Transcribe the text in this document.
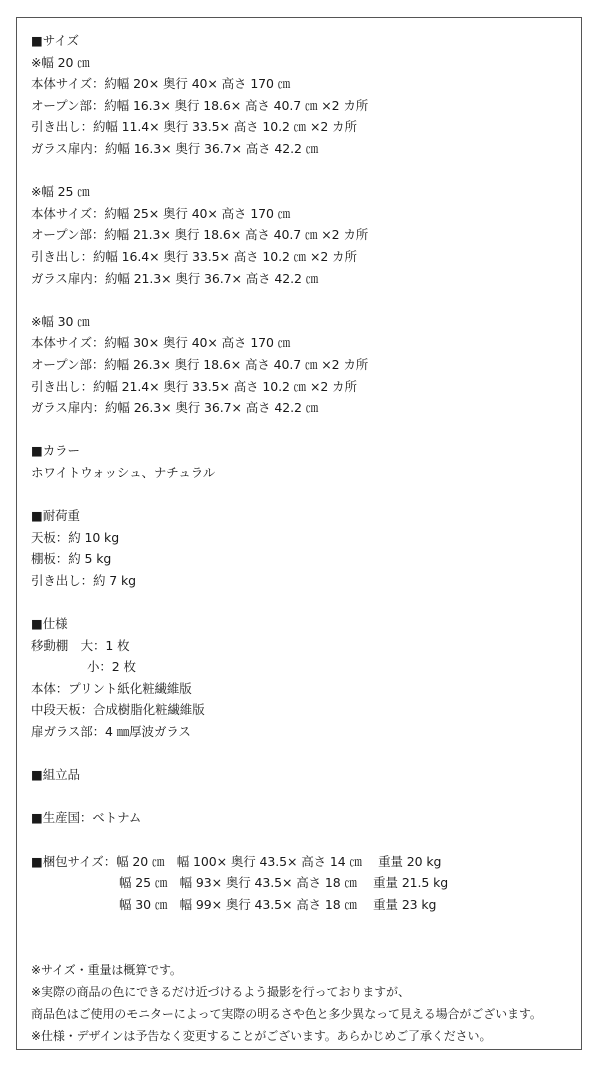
■サイズ
※幅 20 ㎝
本体サイズ：約幅 20× 奥行 40× 高さ 170 ㎝
オープン部：約幅 16.3× 奥行 18.6× 高さ 40.7 ㎝ ×2 カ所
引き出し：約幅 11.4× 奥行 33.5× 高さ 10.2 ㎝ ×2 カ所
ガラス扉内：約幅 16.3× 奥行 36.7× 高さ 42.2 ㎝
※幅 25 ㎝
本体サイズ：約幅 25× 奥行 40× 高さ 170 ㎝
オープン部：約幅 21.3× 奥行 18.6× 高さ 40.7 ㎝ ×2 カ所
引き出し：約幅 16.4× 奥行 33.5× 高さ 10.2 ㎝ ×2 カ所
ガラス扉内：約幅 21.3× 奥行 36.7× 高さ 42.2 ㎝
※幅 30 ㎝
本体サイズ：約幅 30× 奥行 40× 高さ 170 ㎝
オープン部：約幅 26.3× 奥行 18.6× 高さ 40.7 ㎝ ×2 カ所
引き出し：約幅 21.4× 奥行 33.5× 高さ 10.2 ㎝ ×2 カ所
ガラス扉内：約幅 26.3× 奥行 36.7× 高さ 42.2 ㎝
■カラー
ホワイトウォッシュ、ナチュラル
■耐荷重
天板：約 10 kg
棚板：約 5 kg
引き出し：約 7 kg
■仕様
移動棚　大：1 枚
小：2 枚
本体：プリント紙化粧繊維版
中段天板：合成樹脂化粧繊維版
扉ガラス部：4 ㎜厚波ガラス
■組立品
■生産国：ベトナム
■梱包サイズ：幅 20 ㎝　幅 100× 奥行 43.5× 高さ 14 ㎝　 重量 20 kg
幅 25 ㎝　幅 93× 奥行 43.5× 高さ 18 ㎝　 重量 21.5 kg
幅 30 ㎝　幅 99× 奥行 43.5× 高さ 18 ㎝　 重量 23 kg
※サイズ・重量は概算です。
※実際の商品の色にできるだけ近づけるよう撮影を行っておりますが、
商品色はご使用のモニターによって実際の明るさや色と多少異なって見える場合がございます。
※仕様・デザインは予告なく変更することがございます。あらかじめご了承ください。
